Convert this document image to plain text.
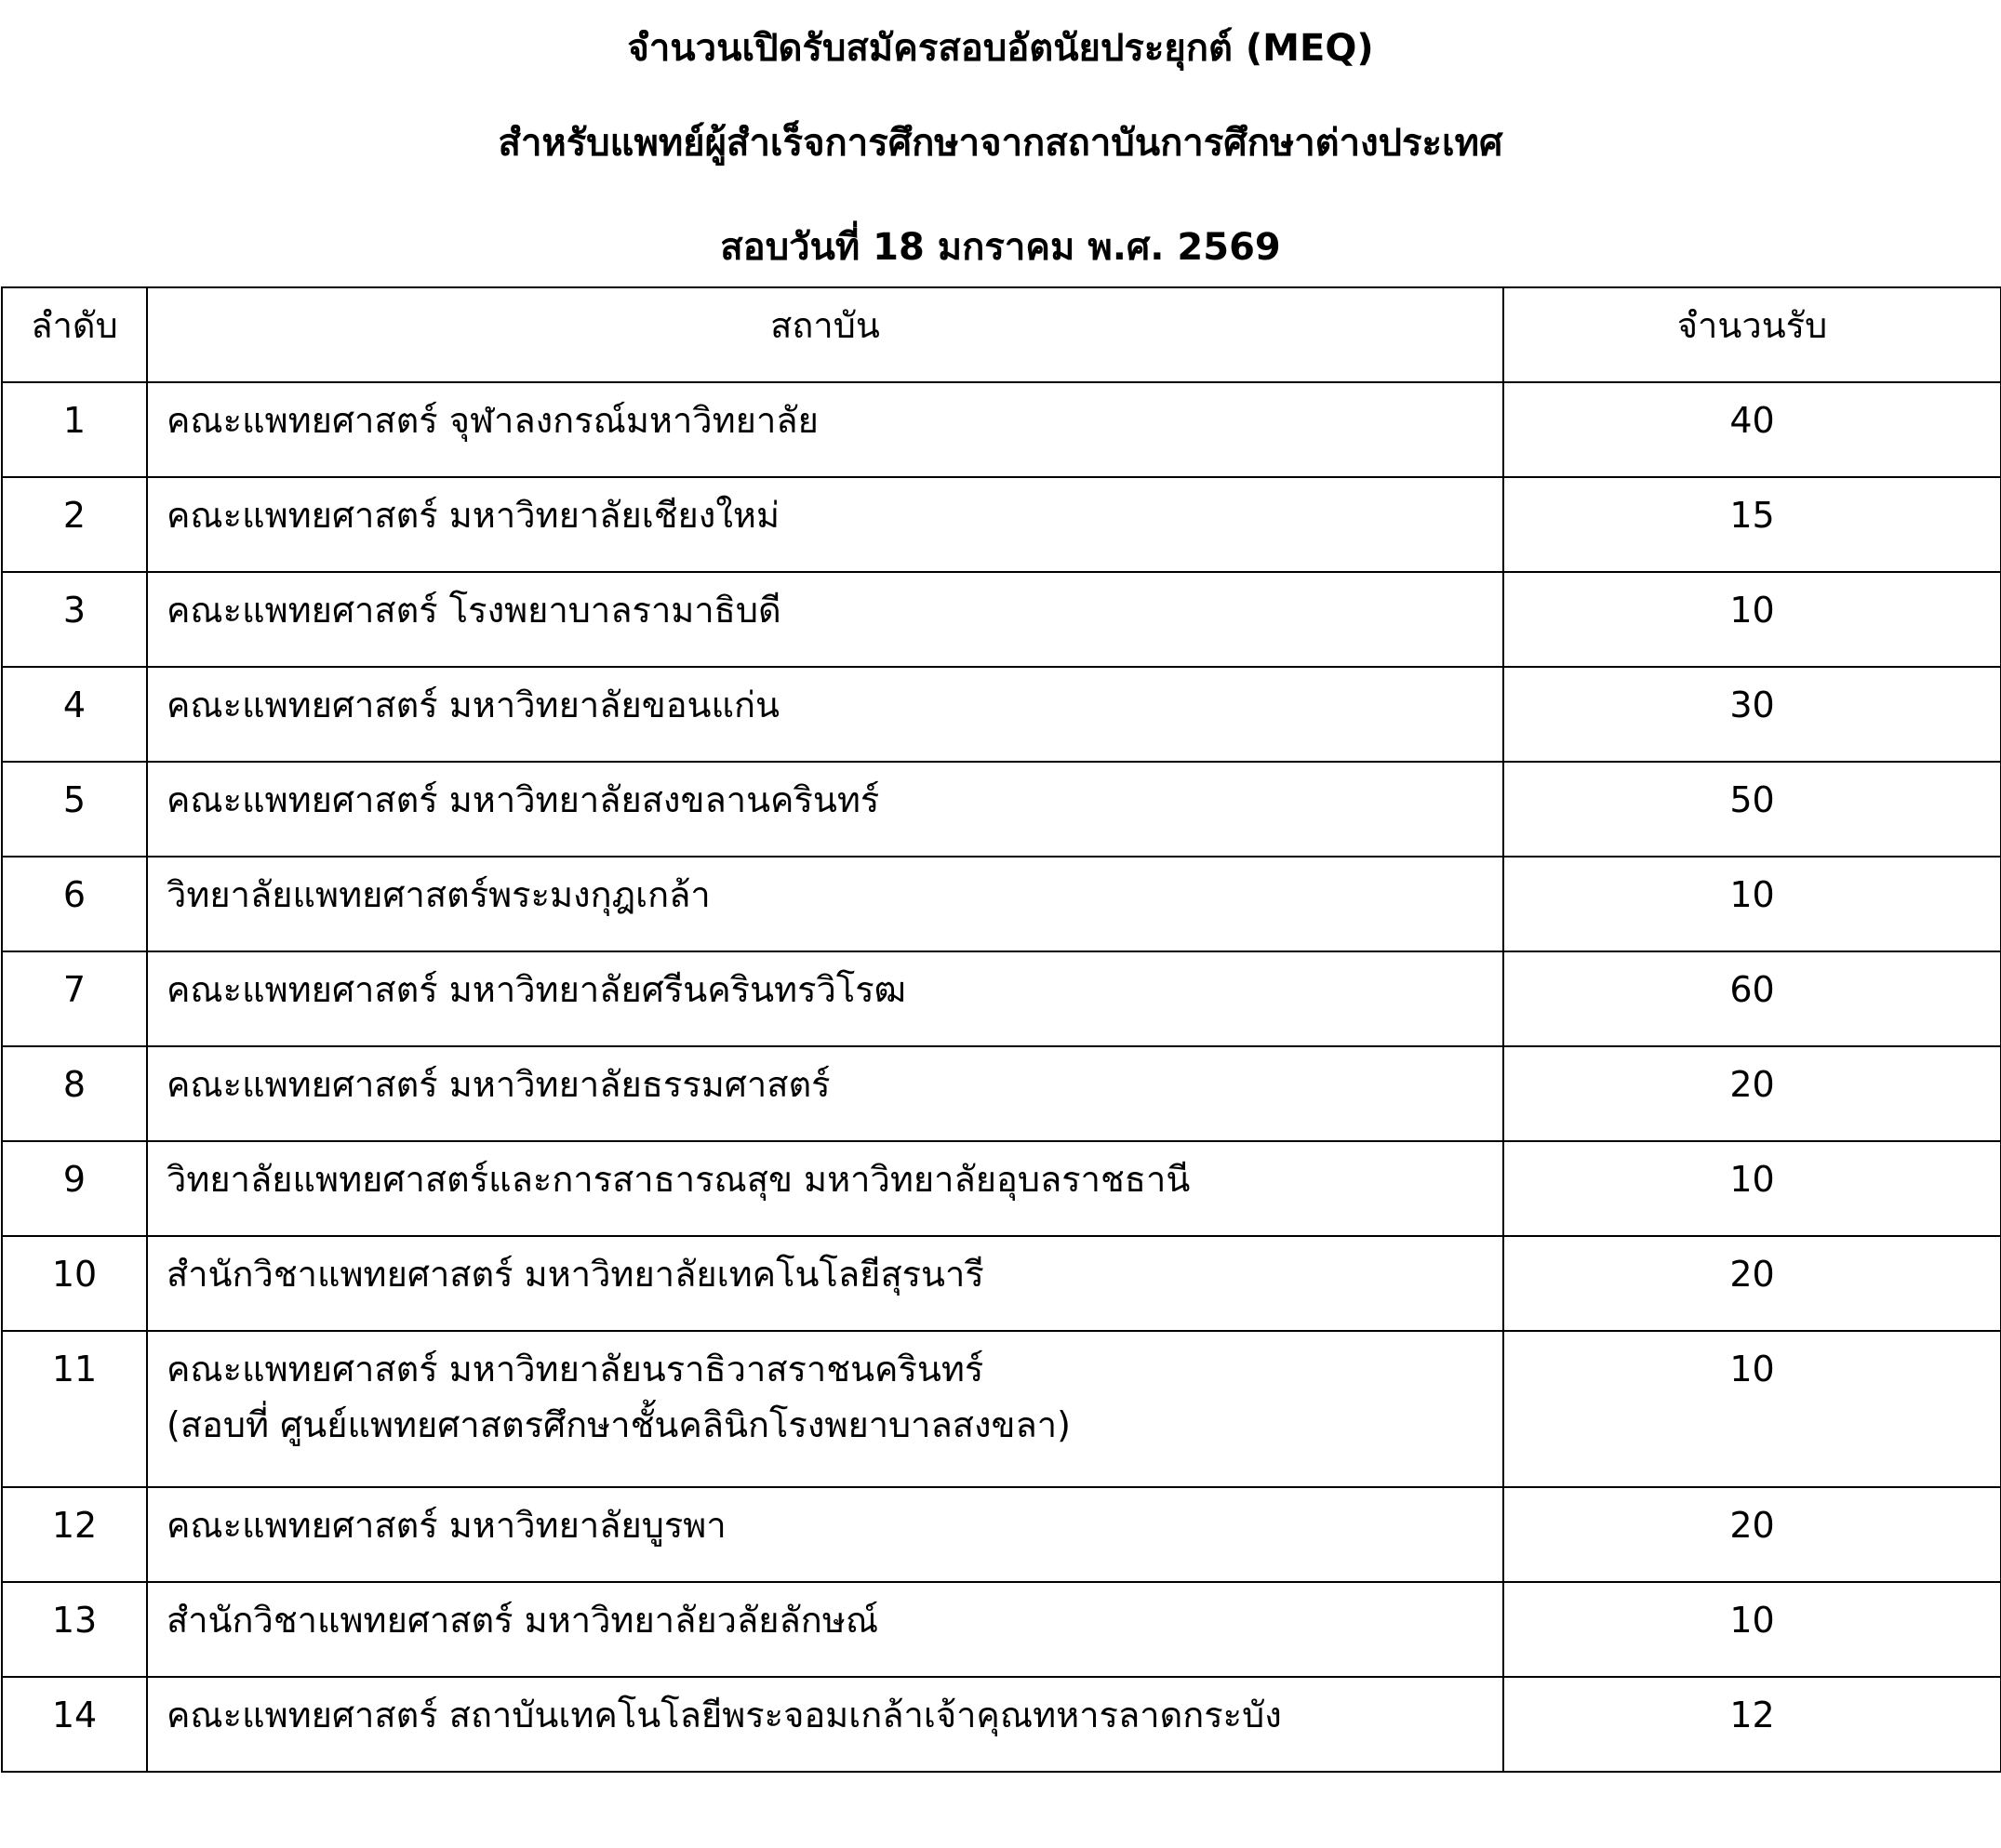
จำนวนเปิดรับสมัครสอบอัตนัยประยุกต์ (MEQ)
สำหรับแพทย์ผู้สำเร็จการศึกษาจากสถาบันการศึกษาต่างประเทศ
สอบวันที่ 18 มกราคม พ.ศ. 2569
ลำดับ	สถาบัน	จำนวนรับ
1	คณะแพทยศาสตร์ จุฬาลงกรณ์มหาวิทยาลัย	40
2	คณะแพทยศาสตร์ มหาวิทยาลัยเชียงใหม่	15
3	คณะแพทยศาสตร์ โรงพยาบาลรามาธิบดี	10
4	คณะแพทยศาสตร์ มหาวิทยาลัยขอนแก่น	30
5	คณะแพทยศาสตร์ มหาวิทยาลัยสงขลานครินทร์	50
6	วิทยาลัยแพทยศาสตร์พระมงกุฎเกล้า	10
7	คณะแพทยศาสตร์ มหาวิทยาลัยศรีนครินทรวิโรฒ	60
8	คณะแพทยศาสตร์ มหาวิทยาลัยธรรมศาสตร์	20
9	วิทยาลัยแพทยศาสตร์และการสาธารณสุข มหาวิทยาลัยอุบลราชธานี	10
10	สำนักวิชาแพทยศาสตร์ มหาวิทยาลัยเทคโนโลยีสุรนารี	20
11	คณะแพทยศาสตร์ มหาวิทยาลัยนราธิวาสราชนครินทร์
(สอบที่ ศูนย์แพทยศาสตรศึกษาชั้นคลินิกโรงพยาบาลสงขลา)	10
12	คณะแพทยศาสตร์ มหาวิทยาลัยบูรพา	20
13	สำนักวิชาแพทยศาสตร์ มหาวิทยาลัยวลัยลักษณ์	10
14	คณะแพทยศาสตร์ สถาบันเทคโนโลยีพระจอมเกล้าเจ้าคุณทหารลาดกระบัง	12
